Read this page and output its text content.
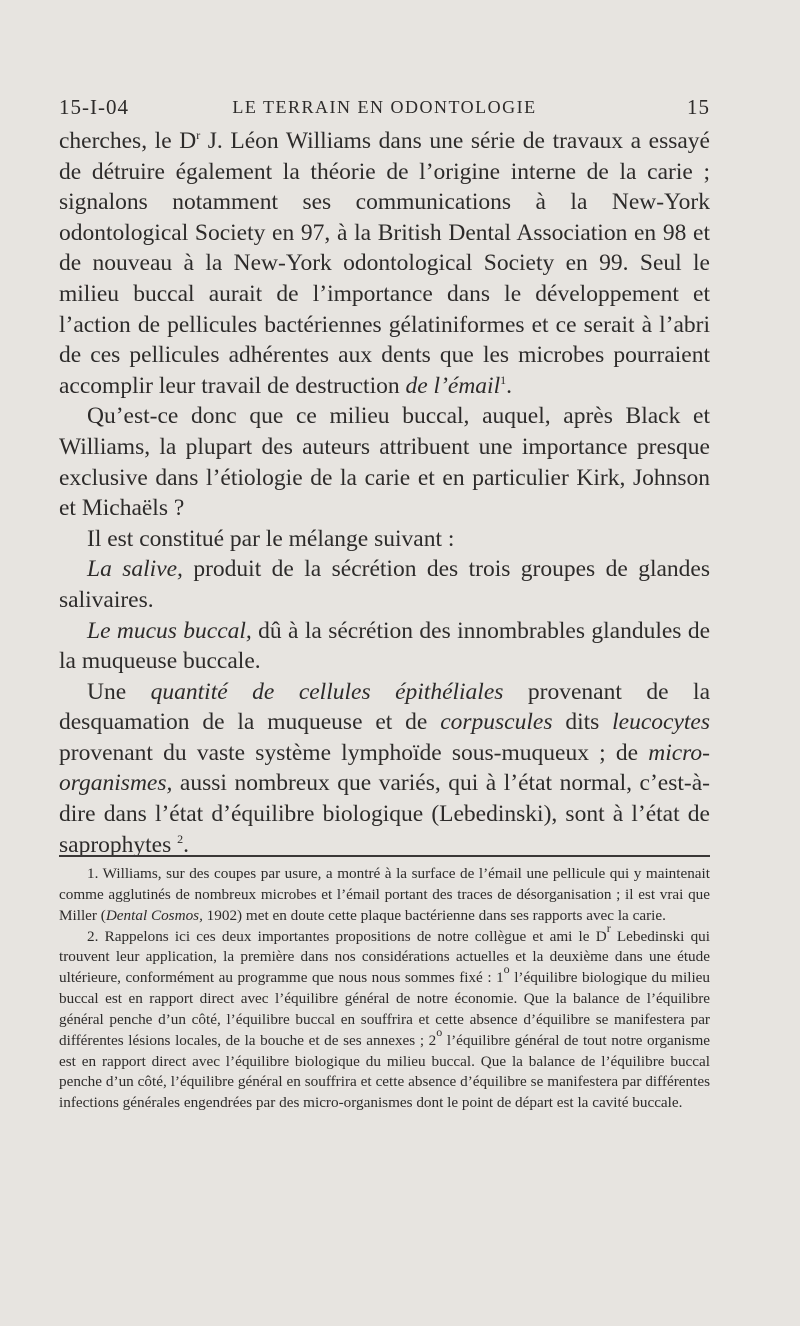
15-I-04	LE TERRAIN EN ODONTOLOGIE	15

cherches, le $D^r$ J. Léon Williams dans une série de travaux a essayé de détruire également la théorie de l’origine interne de la carie ; signalons notamment ses communications à la New-York odontological Society en 97, à la British Dental Association en 98 et de nouveau à la New-York odontological Society en 99. Seul le milieu buccal aurait de l’importance dans le développement et l’action de pellicules bactériennes gélatiniformes et ce serait à l’abri de ces pellicules adhérentes aux dents que les microbes pourraient accomplir leur travail de destruction de l’émail$^1$.

Qu’est-ce donc que ce milieu buccal, auquel, après Black et Williams, la plupart des auteurs attribuent une importance presque exclusive dans l’étiologie de la carie et en particulier Kirk, Johnson et Michaëls ?

Il est constitué par le mélange suivant :

La salive, produit de la sécrétion des trois groupes de glandes salivaires.

Le mucus buccal, dû à la sécrétion des innombrables glandules de la muqueuse buccale.

Une quantité de cellules épithéliales provenant de la desquamation de la muqueuse et de corpuscules dits leucocytes provenant du vaste système lymphoïde sous-muqueux ; de micro-organismes, aussi nombreux que variés, qui à l’état normal, c’est-à-dire dans l’état d’équilibre biologique (Lebedinski), sont à l’état de saprophytes $^2$.

1. Williams, sur des coupes par usure, a montré à la surface de l’émail une pellicule qui y maintenait comme agglutinés de nombreux microbes et l’émail portant des traces de désorganisation ; il est vrai que Miller (Dental Cosmos, 1902) met en doute cette plaque bactérienne dans ses rapports avec la carie.

2. Rappelons ici ces deux importantes propositions de notre collègue et ami le $D^r$ Lebedinski qui trouvent leur application, la première dans nos considérations actuelles et la deuxième dans une étude ultérieure, conformément au programme que nous nous sommes fixé : 1$^o$ l’équilibre biologique du milieu buccal est en rapport direct avec l’équilibre général de notre économie. Que la balance de l’équilibre général penche d’un côté, l’équilibre buccal en souffrira et cette absence d’équilibre se manifestera par différentes lésions locales, de la bouche et de ses annexes ; 2$^o$ l’équilibre général de tout notre organisme est en rapport direct avec l’équilibre biologique du milieu buccal. Que la balance de l’équilibre buccal penche d’un côté, l’équilibre général en souffrira et cette absence d’équilibre se manifestera par différentes infections générales engendrées par des micro-organismes dont le point de départ est la cavité buccale.
